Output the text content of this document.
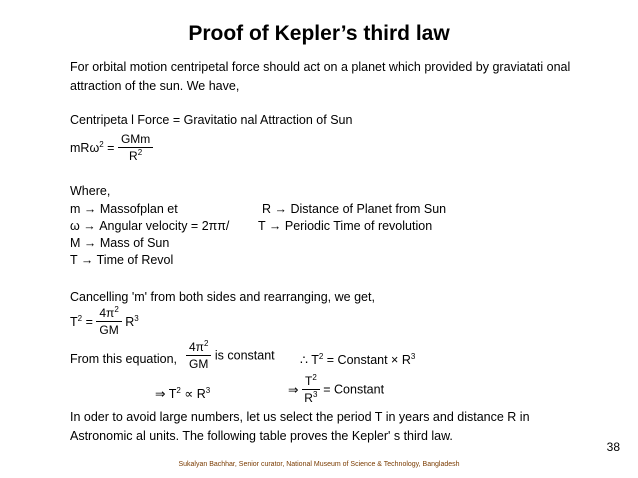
Proof of Kepler’s third law
For orbital motion centripetal force should act on a planet which provided by graviatati onal
attraction of the sun. We have,
Centripeta l Force = Gravitatio nal Attraction of Sun
$mR\omega^2 = \frac{\text{GMm}}{R^2}$
Where,
m → Massofplan et	R → Distance of Planet from Sun
ω → Angular velocity = 2ππ/ T → Periodic Time of revolution
M → Mass of Sun
T → Time of Revol
Cancelling 'm' from both sides and rearranging, we get,
$T^2 = \frac{4\pi^2}{GM} R^3$
From this equation, $\frac{4\pi^2}{GM}$ is constant ∴ $T^2$ = Constant × $R^3$
⇒ $T^2 \propto R^3$	⇒ $\frac{T^2}{R^3}$ = Constant
In oder to avoid large numbers, let us select the period T in years and distance R in
Astronomic al units. The following table proves the Kepler' s third law.
38
Sukalyan Bachhar, Senior curator, National Museum of Science & Technology, Bangladesh
